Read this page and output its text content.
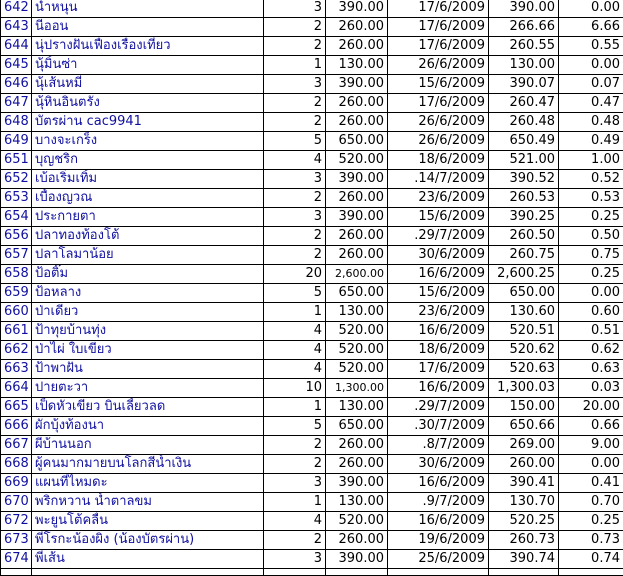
642	น้ำหนุน	3	390.00	17/6/2009	390.00	0.00
643	นีออน	2	260.00	17/6/2009	266.66	6.66
644	นุ่ปรางฝันเฟื่องเรื่องเที่ยว	2	260.00	17/6/2009	260.55	0.55
645	นุ้มิ้นซ่า	1	130.00	26/6/2009	130.00	0.00
646	นุ้เส้นหมี่	3	390.00	15/6/2009	390.07	0.07
647	นุ้หินอินตรัง	2	260.00	17/6/2009	260.47	0.47
648	บัตรผ่าน cac9941	2	260.00	26/6/2009	260.48	0.48
649	บางจะเกร็ง	5	650.00	26/6/2009	650.49	0.49
651	บุญชริก	4	520.00	18/6/2009	521.00	1.00
652	เบ้อเริ่มเทิ้ม	3	390.00	.14/7/2009	390.52	0.52
653	เบื้องญวณ	2	260.00	23/6/2009	260.53	0.53
654	ประกายตา	3	390.00	15/6/2009	390.25	0.25
656	ปลาทองท้องโต้	2	260.00	.29/7/2009	260.50	0.50
657	ปลาโลมาน้อย	2	260.00	30/6/2009	260.75	0.75
658	ป้อติ๊ม	20	2,600.00	16/6/2009	2,600.25	0.25
659	ป้อหลาง	5	650.00	15/6/2009	650.00	0.00
660	ป่าเดียว	1	130.00	23/6/2009	130.60	0.60
661	ป้าทุยบ้านทุ่ง	4	520.00	16/6/2009	520.51	0.51
662	ป่าไผ่ ใบเขียว	4	520.00	18/6/2009	520.62	0.62
663	ป้าพาฝัน	4	520.00	17/6/2009	520.63	0.63
664	ปายตะวา	10	1,300.00	16/6/2009	1,300.03	0.03
665	เป็ดหัวเขียว บินเลี้ยวลด	1	130.00	.29/7/2009	150.00	20.00
666	ผักบุ้งท้องนา	5	650.00	.30/7/2009	650.66	0.66
667	ผีบ้านนอก	2	260.00	.8/7/2009	269.00	9.00
668	ผู้คนมากมายบนโลกสีน้ำเงิน	2	260.00	30/6/2009	260.00	0.00
669	แผนที่ไหมดะ	3	390.00	16/6/2009	390.41	0.41
670	พริกหวาน น้ำตาลขม	1	130.00	.9/7/2009	130.70	0.70
672	พะยูนโต้คลื่น	4	520.00	16/6/2009	520.25	0.25
673	พี่โรกะน้องผิง (น้องบัตรผ่าน)	2	260.00	19/6/2009	260.73	0.73
674	พี่เส้น	3	390.00	25/6/2009	390.74	0.74
